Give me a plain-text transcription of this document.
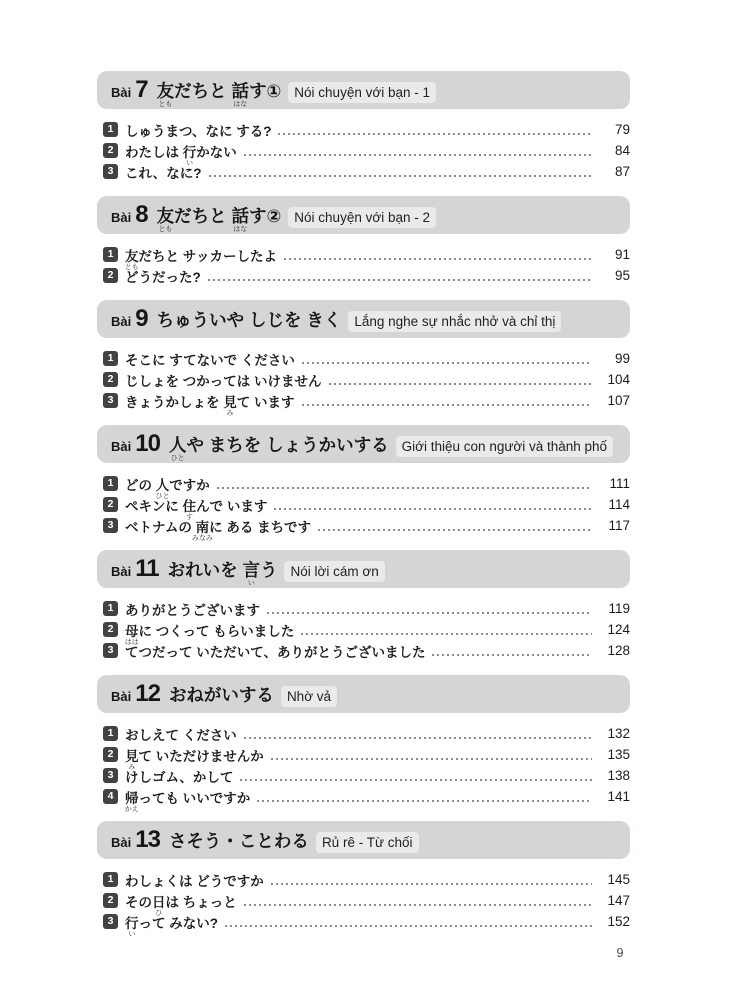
Bài 7 友
とも
だちと 話
はな
す① Nói chuyện với bạn - 1
1 しゅうまつ、なに する?	79
2 わたしは 行
い
かない	84
3 これ、なに?	87
Bài 8 友
とも
だちと 話
はな
す② Nói chuyện với bạn - 2
1 友
とも
だちと サッカーしたよ	91
2 どうだった?	95
Bài 9 ちゅういや しじを きく Lắng nghe sự nhắc nhở và chỉ thị
1 そこに すてないで ください	99
2 じしょを つかっては いけません	104
3 きょうかしょを 見
み
て います	107
Bài 10 人
ひと
や まちを しょうかいする Giới thiệu con người và thành phố
1 どの 人
ひと
ですか	111
2 ペキンに 住
す
んで います	114
3 ベトナムの 南
みなみ
に ある まちです	117
Bài 11 おれいを 言
い
う Nói lời cám ơn
1 ありがとうございます	119
2 母
はは
に つくって もらいました	124
3 てつだって いただいて、ありがとうございました	128
Bài 12 おねがいする Nhờ vả
1 おしえて ください	132
2 見
み
て いただけませんか	135
3 けしゴム、かして	138
4 帰
かえ
っても いいですか	141
Bài 13 さそう・ことわる Rủ rê - Từ chối
1 わしょくは どうですか	145
2 その日
ひ
は ちょっと	147
3 行
い
って みない?	152
9
